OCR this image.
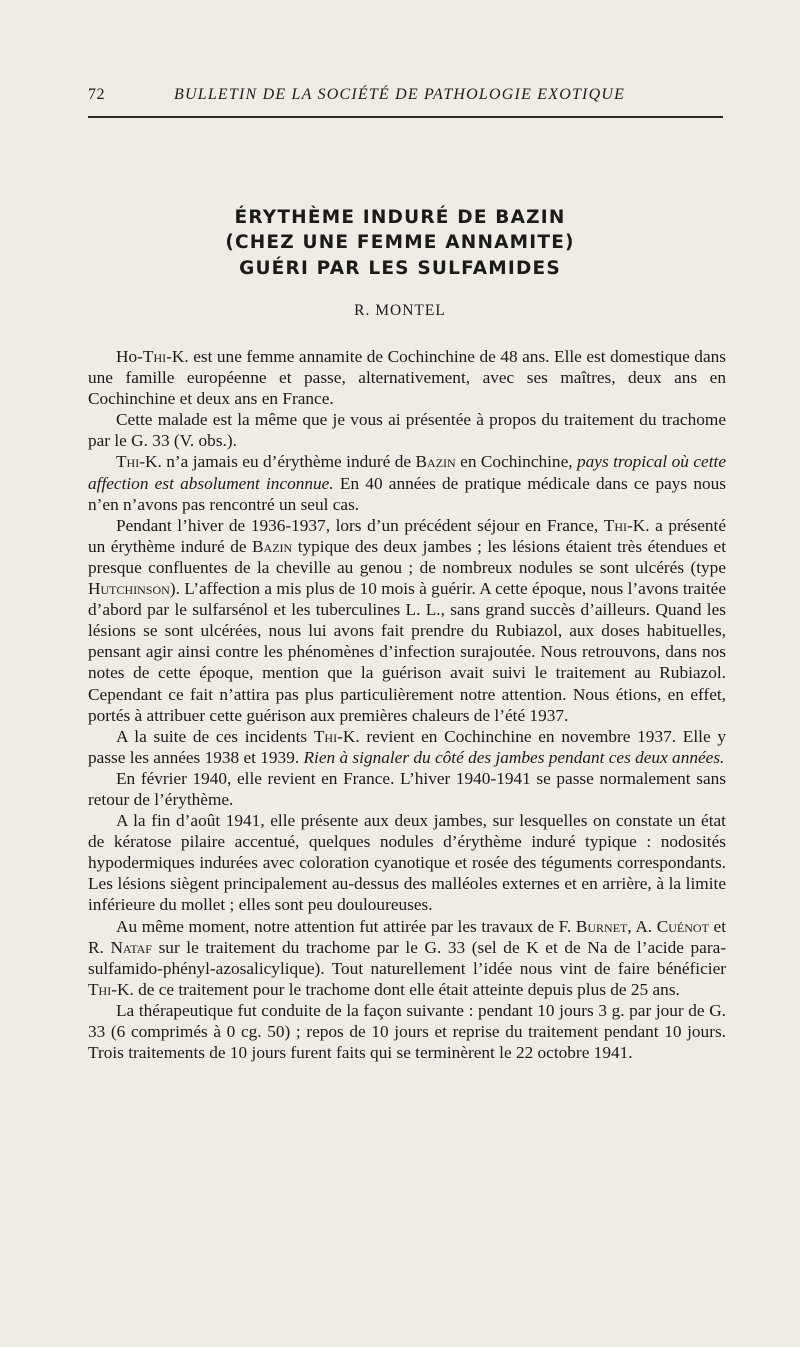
72	BULLETIN DE LA SOCIÉTÉ DE PATHOLOGIE EXOTIQUE
ÉRYTHÈME INDURÉ DE BAZIN
(CHEZ UNE FEMME ANNAMITE)
GUÉRI PAR LES SULFAMIDES
R. MONTEL

Ho-Thi-K. est une femme annamite de Cochinchine de 48 ans. Elle est domestique dans une famille européenne et passe, alternativement, avec ses maîtres, deux ans en Cochinchine et deux ans en France.

Cette malade est la même que je vous ai présentée à propos du traitement du trachome par le G. 33 (V. obs.).

Thi-K. n’a jamais eu d’érythème induré de Bazin en Cochinchine, pays tropical où cette affection est absolument inconnue. En 40 années de pratique médicale dans ce pays nous n’en n’avons pas rencontré un seul cas.

Pendant l’hiver de 1936-1937, lors d’un précédent séjour en France, Thi-K. a présenté un érythème induré de Bazin typique des deux jambes ; les lésions étaient très étendues et presque confluentes de la cheville au genou ; de nombreux nodules se sont ulcérés (type Hutchinson). L’affection a mis plus de 10 mois à guérir. A cette époque, nous l’avons traitée d’abord par le sulfarsénol et les tuberculines L. L., sans grand succès d’ailleurs. Quand les lésions se sont ulcérées, nous lui avons fait prendre du Rubiazol, aux doses habituelles, pensant agir ainsi contre les phénomènes d’infection surajoutée. Nous retrouvons, dans nos notes de cette époque, mention que la guérison avait suivi le traitement au Rubiazol. Cependant ce fait n’attira pas plus particulièrement notre attention. Nous étions, en effet, portés à attribuer cette guérison aux premières chaleurs de l’été 1937.

A la suite de ces incidents Thi-K. revient en Cochinchine en novembre 1937. Elle y passe les années 1938 et 1939. Rien à signaler du côté des jambes pendant ces deux années.

En février 1940, elle revient en France. L’hiver 1940-1941 se passe normalement sans retour de l’érythème.

A la fin d’août 1941, elle présente aux deux jambes, sur lesquelles on constate un état de kératose pilaire accentué, quelques nodules d’érythème induré typique : nodosités hypodermiques indurées avec coloration cyanotique et rosée des téguments correspondants. Les lésions siègent principalement au-dessus des malléoles externes et en arrière, à la limite inférieure du mollet ; elles sont peu douloureuses.

Au même moment, notre attention fut attirée par les travaux de F. Burnet, A. Cuénot et R. Nataf sur le traitement du trachome par le G. 33 (sel de K et de Na de l’acide para-sulfamido-phényl-azosalicylique). Tout naturellement l’idée nous vint de faire bénéficier Thi-K. de ce traitement pour le trachome dont elle était atteinte depuis plus de 25 ans.

La thérapeutique fut conduite de la façon suivante : pendant 10 jours 3 g. par jour de G. 33 (6 comprimés à 0 cg. 50) ; repos de 10 jours et reprise du traitement pendant 10 jours. Trois traitements de 10 jours furent faits qui se terminèrent le 22 octobre 1941.
